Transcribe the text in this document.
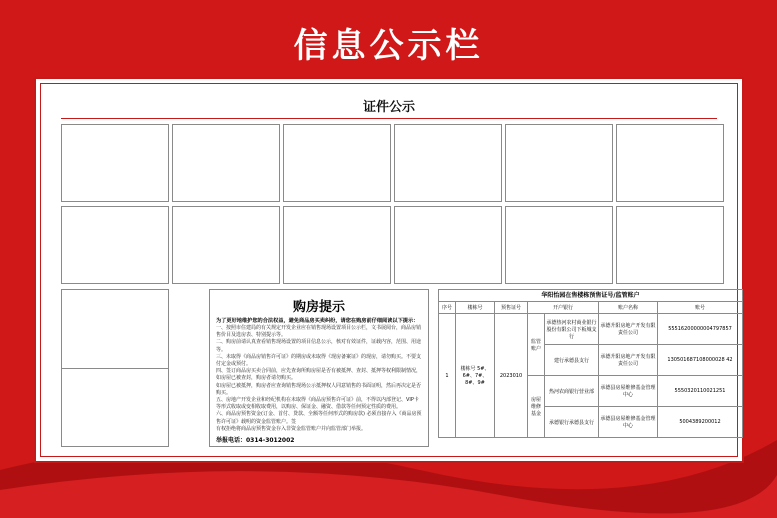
信息公示栏
证件公示
购房提示
为了更好地维护您的合法权益，避免商品房买卖纠纷，请您在购房前仔细阅读以下提示：
一、按照市住建局的有关规定开发企业应在销售现场设置项目公示栏，文书展阅台，商品房销售价目及选房表、特别提示等。
二、购房前请认真查看销售现场设置的项目信息公示，核对有效证件，证载内容，范围、用途等。
三、未取得《商品房销售许可证》的期房或未取得《现房备案证》的现房，请勿购买。不要支付定金或预付。
四、签订商品房买卖合同前，应先查询所购房屋是否有被抵押、查封、抵押等权利限制情况，如房屋已被查封，购房者请勿购买。
如房屋已被抵押，购房者应查询销售现场公示抵押权人同意销售的书面证明，然后再决定是否购买。
五、房地产开发企业和经纪机构在未取得《商品房预售许可证》前，不得以内部登记、VIP卡等形式收取或变相收取费用，以购房、保证金、融资、借款等任何预定性质的费用。
六、商品房预售资金(订金、首付、贷款、全额等任何形式的购房款) 必须直接存入《商品房预售许可证》载明的资金监管账户。签
有权拒绝将商品房预售资金存入非资金监管账户并向监管部门举报。
举报电话：0314-3012002
华阳怡园在售楼栋预售证号/监管账户
序号	楼栋号	预售证号	开户银行		账户名称	账号
1	楼栋号 5#、6#、7#、8#、9#	2023010	监管账户	承德热河农村商业银行股份有限公司下板城支行	承德升阳房地产开发有限责任公司	55516200000004797857
				建行承德县支行	承德升阳房地产开发有限责任公司	130501687108000028 42
			房屋维修基金	热河农商银行营业部	承德县房屋维修基金管理中心	5550320110021251
				承德银行承德县支行	承德县房屋维修基金管理中心	5004389200012
